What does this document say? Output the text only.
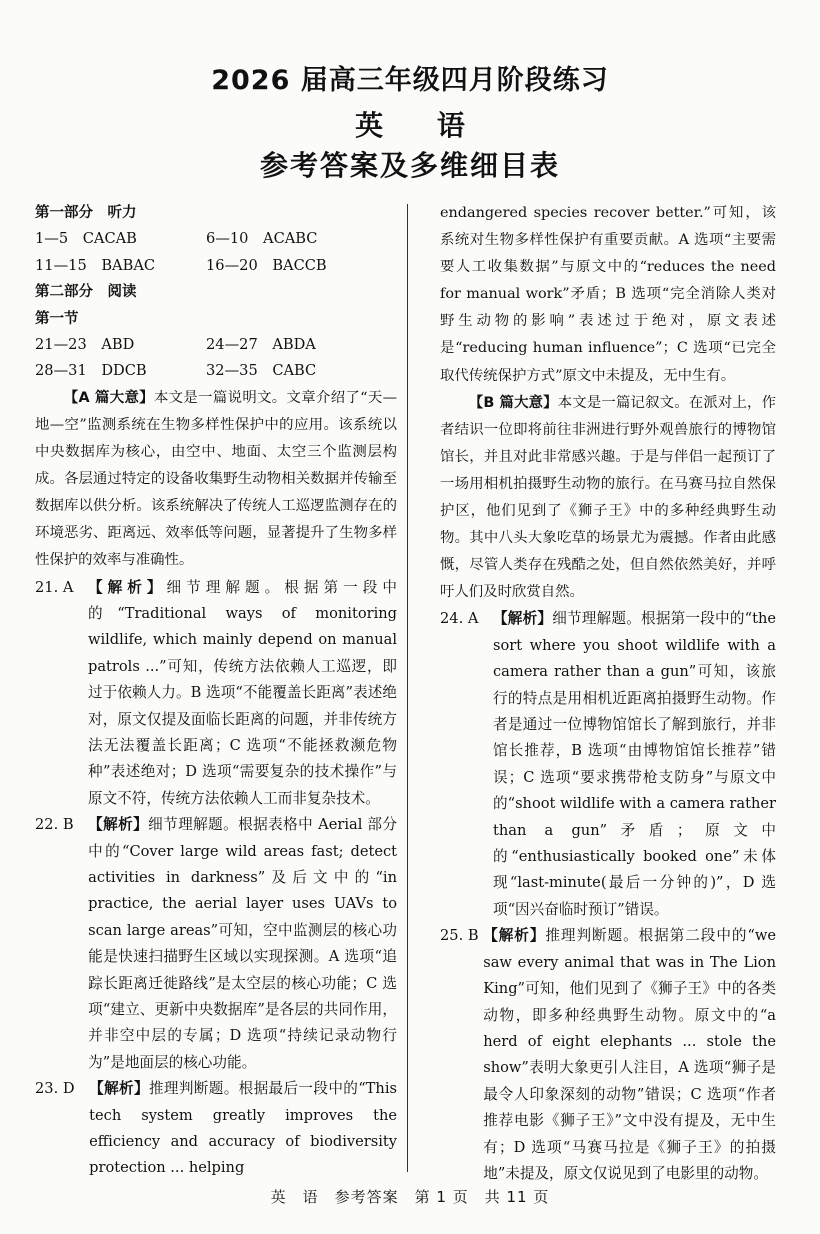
2026 届高三年级四月阶段练习
英 语
参考答案及多维细目表
第一部分　听力
1—5　CACAB	6—10　ACABC
11—15　BABAC	16—20　BACCB
第二部分　阅读
第一节
21—23　ABD	24—27　ABDA
28—31　DDCB	32—35　CABC
【A 篇大意】本文是一篇说明文。文章介绍了“天—地—空”监测系统在生物多样性保护中的应用。该系统以中央数据库为核心，由空中、地面、太空三个监测层构成。各层通过特定的设备收集野生动物相关数据并传输至数据库以供分析。该系统解决了传统人工巡逻监测存在的环境恶劣、距离远、效率低等问题，显著提升了生物多样性保护的效率与准确性。
21. A　 【解析】细节理解题。根据第一段中的“Traditional ways of monitoring wildlife, which mainly depend on manual patrols ...”可知，传统方法依赖人工巡逻，即过于依赖人力。B 选项“不能覆盖长距离”表述绝对，原文仅提及面临长距离的问题，并非传统方法无法覆盖长距离；C 选项“不能拯救濒危物种”表述绝对；D 选项“需要复杂的技术操作”与原文不符，传统方法依赖人工而非复杂技术。
22. B　 【解析】细节理解题。根据表格中 Aerial 部分中的“Cover large wild areas fast; detect activities in darkness”及后文中的“in practice, the aerial layer uses UAVs to scan large areas”可知，空中监测层的核心功能是快速扫描野生区域以实现探测。A 选项“追踪长距离迁徙路线”是太空层的核心功能；C 选项“建立、更新中央数据库”是各层的共同作用，并非空中层的专属；D 选项“持续记录动物行为”是地面层的核心功能。
23. D　 【解析】推理判断题。根据最后一段中的“This tech system greatly improves the efficiency and accuracy of biodiversity protection ... helping
endangered species recover better.”可知，该系统对生物多样性保护有重要贡献。A 选项“主要需要人工收集数据”与原文中的“reduces the need for manual work”矛盾；B 选项“完全消除人类对野生动物的影响”表述过于绝对，原文表述是“reducing human influence”；C 选项“已完全取代传统保护方式”原文中未提及，无中生有。
【B 篇大意】本文是一篇记叙文。在派对上，作者结识一位即将前往非洲进行野外观兽旅行的博物馆馆长，并且对此非常感兴趣。于是与伴侣一起预订了一场用相机拍摄野生动物的旅行。在马赛马拉自然保护区，他们见到了《狮子王》中的多种经典野生动物。其中八头大象吃草的场景尤为震撼。作者由此感慨，尽管人类存在残酷之处，但自然依然美好，并呼吁人们及时欣赏自然。
24. A　 【解析】细节理解题。根据第一段中的“the sort where you shoot wildlife with a camera rather than a gun”可知，该旅行的特点是用相机近距离拍摄野生动物。作者是通过一位博物馆馆长了解到旅行，并非馆长推荐，B 选项“由博物馆馆长推荐”错误；C 选项“要求携带枪支防身”与原文中的“shoot wildlife with a camera rather than a gun”矛盾；原文中的“enthusiastically booked one”未体现“last-minute(最后一分钟的)”，D 选项“因兴奋临时预订”错误。
25. B 【解析】推理判断题。根据第二段中的“we saw every animal that was in The Lion King”可知，他们见到了《狮子王》中的各类动物，即多种经典野生动物。原文中的“a herd of eight elephants ... stole the show”表明大象更引人注目，A 选项“狮子是最令人印象深刻的动物”错误；C 选项“作者推荐电影《狮子王》”文中没有提及，无中生有；D 选项“马赛马拉是《狮子王》的拍摄地”未提及，原文仅说见到了电影里的动物。
英　语　参考答案　第 1 页　共 11 页
